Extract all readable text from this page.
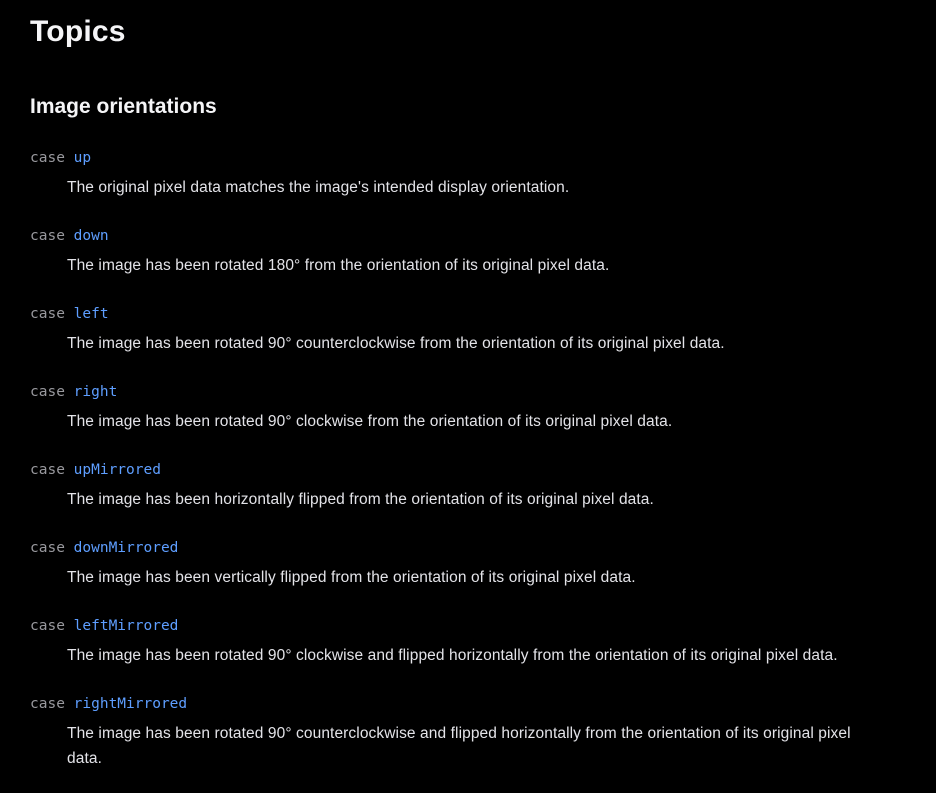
Topics
Image orientations

case up

The original pixel data matches the image's intended display orientation.

case down

The image has been rotated 180° from the orientation of its original pixel data.

case left

The image has been rotated 90° counterclockwise from the orientation of its original pixel data.

case right

The image has been rotated 90° clockwise from the orientation of its original pixel data.

case upMirrored

The image has been horizontally flipped from the orientation of its original pixel data.

case downMirrored

The image has been vertically flipped from the orientation of its original pixel data.

case leftMirrored

The image has been rotated 90° clockwise and flipped horizontally from the orientation of its original pixel data.

case rightMirrored

The image has been rotated 90° counterclockwise and flipped horizontally from the orientation of its original pixel data.
